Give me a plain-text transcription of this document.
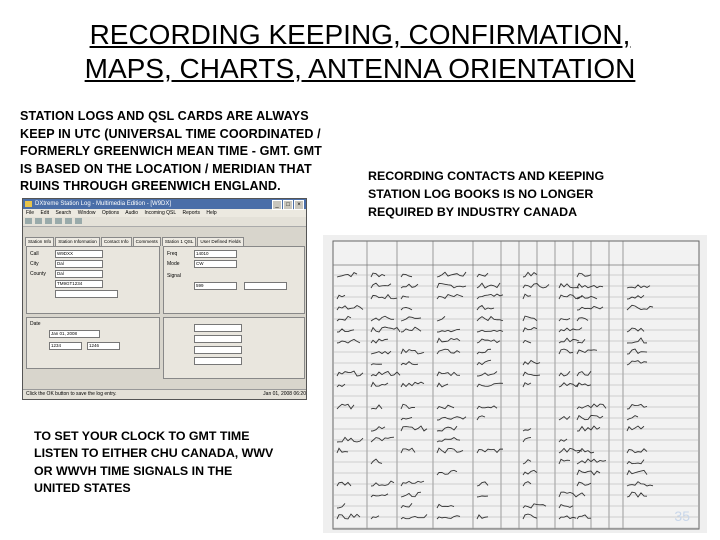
RECORDING KEEPING, CONFIRMATION,
MAPS, CHARTS, ANTENNA ORIENTATION
STATION LOGS AND QSL CARDS ARE ALWAYS
KEEP IN UTC (UNIVERSAL TIME COORDINATED /
FORMERLY GREENWICH MEAN TIME - GMT. GMT
IS BASED ON THE LOCATION / MERIDIAN THAT
RUINS THROUGH GREENWICH ENGLAND.
RECORDING CONTACTS AND KEEPING
STATION LOG BOOKS IS NO LONGER
REQUIRED BY INDUSTRY CANADA
DXtreme Station Log - Multimedia Edition - [W9DX]	_ □ ×
File Edit Search Window Options Audio Incoming QSL Reports Help
Station Info Station Information Contact Info Comments Station 1 QSL User Defined Fields
Call	W9DXX
City	Dal
County	Dal
TM9GT1234
Freq	14010
Mode	CW
Signal
599
Date
Jan 01, 2008
1234	1246
Click the OK button to save the log entry.	Jan 01, 2008 06:20
TO SET YOUR CLOCK TO GMT TIME
LISTEN TO EITHER CHU CANADA, WWV
OR WWVH TIME SIGNALS IN THE
UNITED STATES
35
